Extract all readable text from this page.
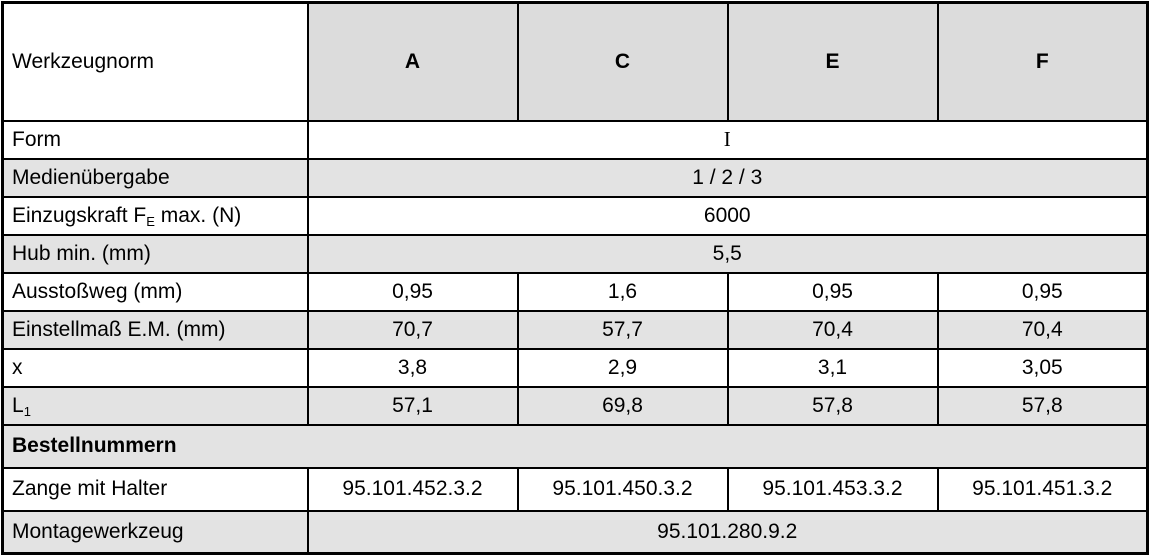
Werkzeugnorm	A	C	E	F
Form	I			
Medienübergabe	1 / 2 / 3			
Einzugskraft $F_E$ max. (N)	6000			
Hub min. (mm)	5,5			
Ausstoßweg (mm)	0,95	1,6	0,95	0,95
Einstellmaß E.M. (mm)	70,7	57,7	70,4	70,4
x	3,8	2,9	3,1	3,05
$L_1$	57,1	69,8	57,8	57,8
Bestellnummern				
Zange mit Halter	95.101.452.3.2	95.101.450.3.2	95.101.453.3.2	95.101.451.3.2
Montagewerkzeug	95.101.280.9.2			
